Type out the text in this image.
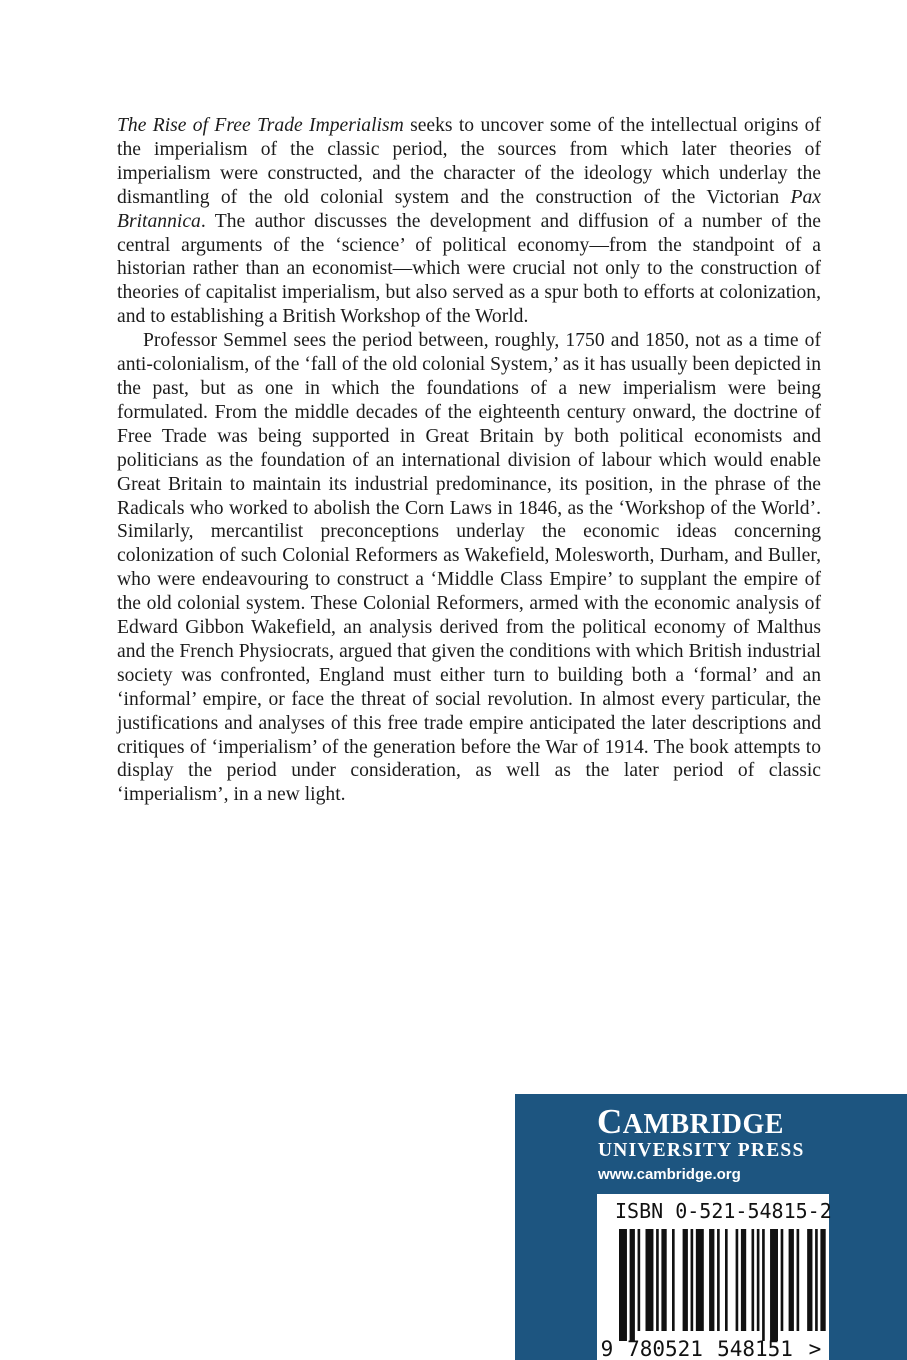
The Rise of Free Trade Imperialism seeks to uncover some of the intellectual origins of the imperialism of the classic period, the sources from which later theories of imperialism were constructed, and the character of the ideology which underlay the dismantling of the old colonial system and the construction of the Victorian Pax Britannica. The author discusses the development and diffusion of a number of the central arguments of the ‘science’ of political economy—from the standpoint of a historian rather than an economist—which were crucial not only to the construction of theories of capitalist imperialism, but also served as a spur both to efforts at colonization, and to establishing a British Workshop of the World.

Professor Semmel sees the period between, roughly, 1750 and 1850, not as a time of anti-colonialism, of the ‘fall of the old colonial System,’ as it has usually been depicted in the past, but as one in which the foundations of a new imperialism were being formulated. From the middle decades of the eighteenth century onward, the doctrine of Free Trade was being supported in Great Britain by both political economists and politicians as the foundation of an international division of labour which would enable Great Britain to maintain its industrial predominance, its position, in the phrase of the Radicals who worked to abolish the Corn Laws in 1846, as the ‘Workshop of the World’. Similarly, mercantilist preconceptions underlay the economic ideas concerning colonization of such Colonial Reformers as Wakefield, Molesworth, Durham, and Buller, who were endeavouring to construct a ‘Middle Class Empire’ to supplant the empire of the old colonial system. These Colonial Reformers, armed with the economic analysis of Edward Gibbon Wakefield, an analysis derived from the political economy of Malthus and the French Physiocrats, argued that given the conditions with which British industrial society was confronted, England must either turn to building both a ‘formal’ and an ‘informal’ empire, or face the threat of social revolution. In almost every particular, the justifications and analyses of this free trade empire anticipated the later descriptions and critiques of ‘imperialism’ of the generation before the War of 1914. The book attempts to display the period under consideration, as well as the later period of classic ‘imperialism’, in a new light.

CAMBRIDGE
UNIVERSITY PRESS
www.cambridge.org
ISBN 0-521-54815-2
9 780521 548151 >
